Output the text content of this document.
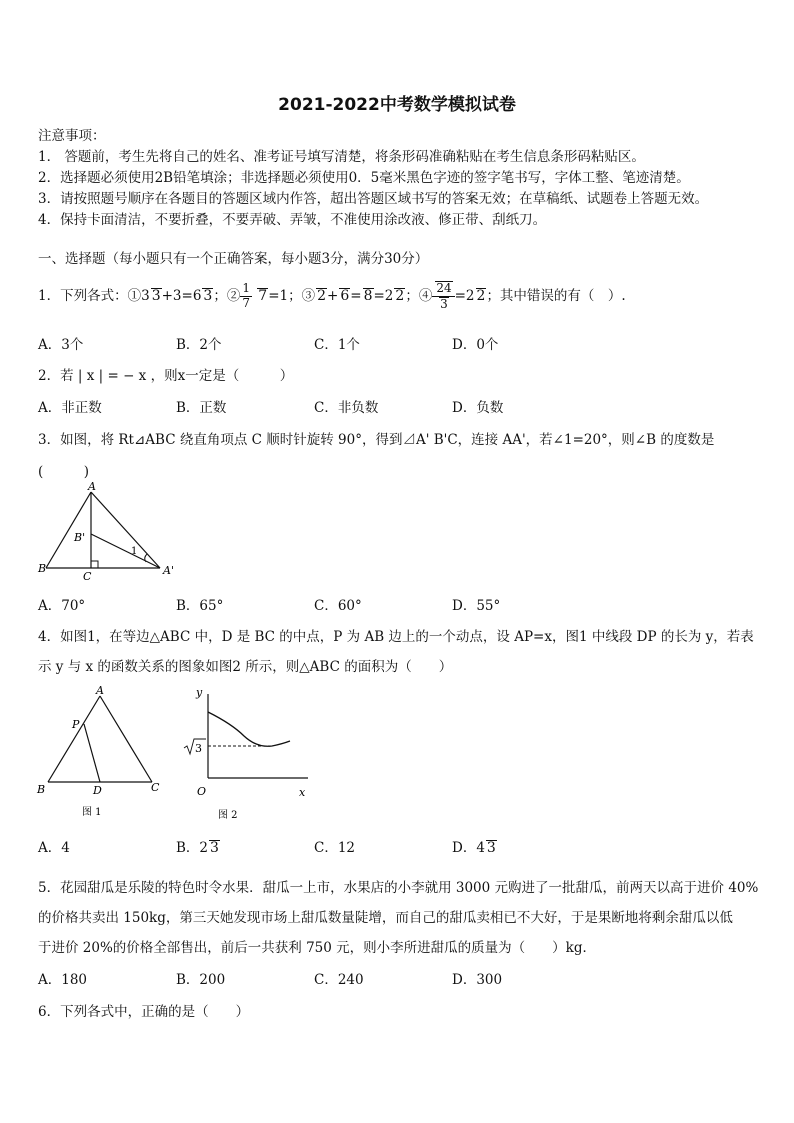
2021-2022中考数学模拟试卷
注意事项：
1． 答题前，考生先将自己的姓名、准考证号填写清楚，将条形码准确粘贴在考生信息条形码粘贴区。
2．选择题必须使用2B铅笔填涂；非选择题必须使用0．5毫米黑色字迹的签字笔书写，字体工整、笔迹清楚。
3．请按照题号顺序在各题目的答题区域内作答，超出答题区域书写的答案无效；在草稿纸、试题卷上答题无效。
4．保持卡面清洁，不要折叠，不要弄破、弄皱，不准使用涂改液、修正带、刮纸刀。
一、选择题（每小题只有一个正确答案，每小题3分，满分30分）
1．下列各式：①3 3+3=6 3；② $\frac{1}{7} 7=1$；③ 2+ 6= 8=2 2；④ $\frac{24}{3} =2$ 2；其中错误的有（　）.
A．3个	B．2个	C．1个	D．0个
2．若 | x | = − x ，则x一定是（　　　）
A．非正数	B．正数	C．非负数	D．负数
3．如图，将 Rt⊿ABC 绕直角项点 C 顺时针旋转 90°，得到⊿A' B'C，连接 AA'，若∠1=20°，则∠B 的度数是
(　　　)
A
B
C
B'
A'
1
A．70°	B．65°	C．60°	D．55°
4．如图1，在等边△ABC 中，D 是 BC 的中点，P 为 AB 边上的一个动点，设 AP=x，图1 中线段 DP 的长为 y，若表
示 y 与 x 的函数关系的图象如图2 所示，则△ABC 的面积为（　　）
A
B	C
D
P
图 1
y
x
O
3
图 2
A．4	B．2 3	C．12	D．4 3
5．花园甜瓜是乐陵的特色时令水果．甜瓜一上市，水果店的小李就用 3000 元购进了一批甜瓜，前两天以高于进价 40%
的价格共卖出 150kg，第三天她发现市场上甜瓜数量陡增，而自己的甜瓜卖相已不大好，于是果断地将剩余甜瓜以低
于进价 20%的价格全部售出，前后一共获利 750 元，则小李所进甜瓜的质量为（　　）kg．
A．180	B．200	C．240	D．300
6．下列各式中，正确的是（　　）
